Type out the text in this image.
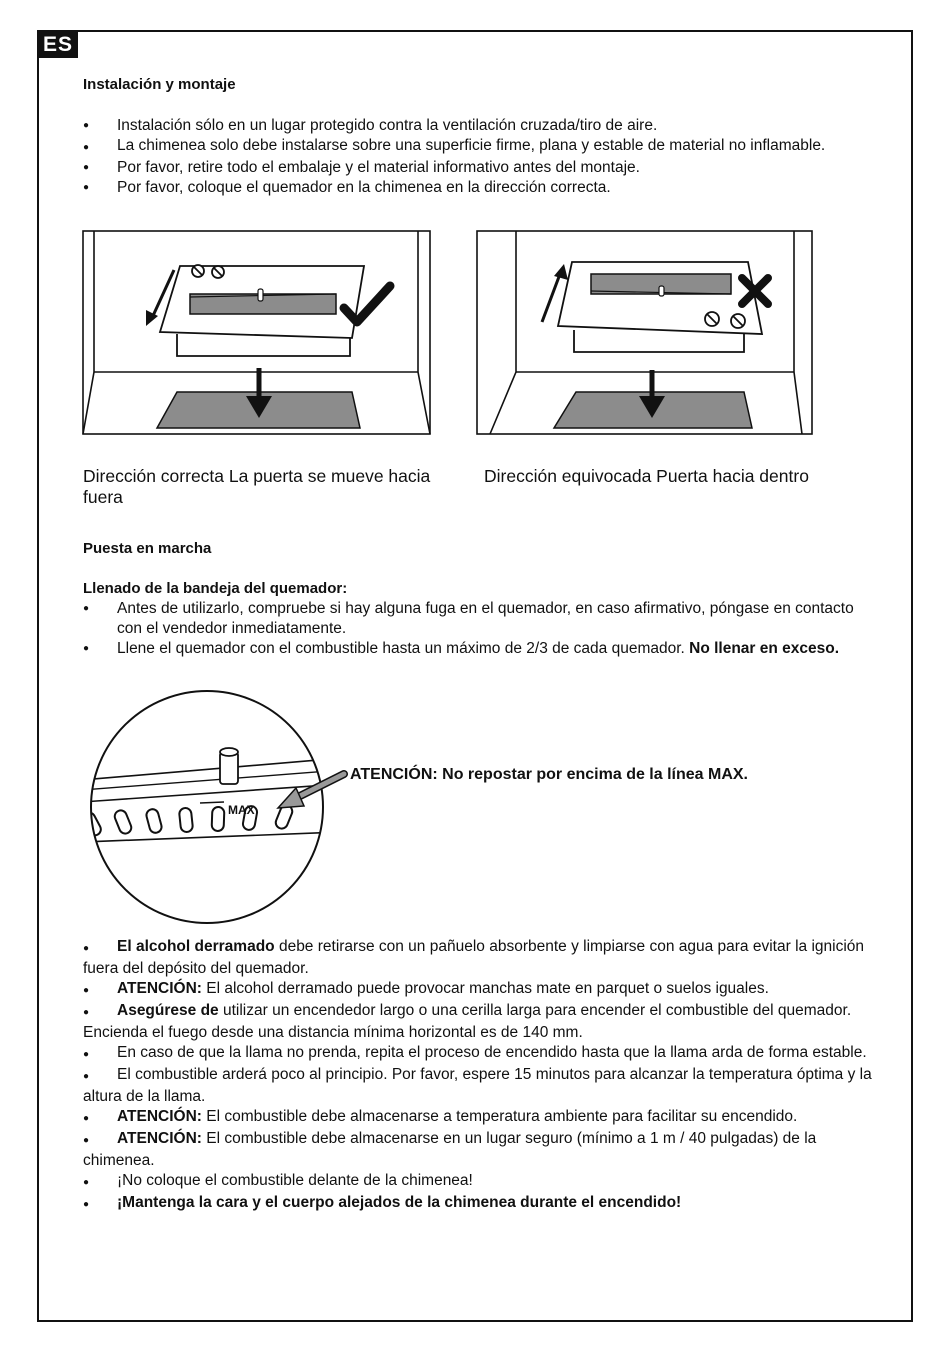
ES
Instalación y montaje
● Instalación sólo en un lugar protegido contra la ventilación cruzada/tiro de aire.
● La chimenea solo debe instalarse sobre una superficie firme, plana y estable de material no inflamable.
● Por favor, retire todo el embalaje y el material informativo antes del montaje.
● Por favor, coloque el quemador en la chimenea en la dirección correcta.
Dirección correcta La puerta se mueve hacia fuera
Dirección equivocada Puerta hacia dentro
Puesta en marcha
Llenado de la bandeja del quemador:
● Antes de utilizarlo, compruebe si hay alguna fuga en el quemador, en caso afirmativo, póngase en contacto con el vendedor inmediatamente.
● Llene el quemador con el combustible hasta un máximo de 2/3 de cada quemador. No llenar en exceso.
MAX
ATENCIÓN: No repostar por encima de la línea MAX.
● El alcohol derramado debe retirarse con un pañuelo absorbente y limpiarse con agua para evitar la ignición fuera del depósito del quemador.
● ATENCIÓN: El alcohol derramado puede provocar manchas mate en parquet o suelos iguales.
● Asegúrese de utilizar un encendedor largo o una cerilla larga para encender el combustible del quemador. Encienda el fuego desde una distancia mínima horizontal es de 140 mm.
● En caso de que la llama no prenda, repita el proceso de encendido hasta que la llama arda de forma estable.
● El combustible arderá poco al principio. Por favor, espere 15 minutos para alcanzar la temperatura óptima y la altura de la llama.
● ATENCIÓN: El combustible debe almacenarse a temperatura ambiente para facilitar su encendido.
● ATENCIÓN: El combustible debe almacenarse en un lugar seguro (mínimo a 1 m / 40 pulgadas) de la chimenea.
● ¡No coloque el combustible delante de la chimenea!
● ¡Mantenga la cara y el cuerpo alejados de la chimenea durante el encendido!
